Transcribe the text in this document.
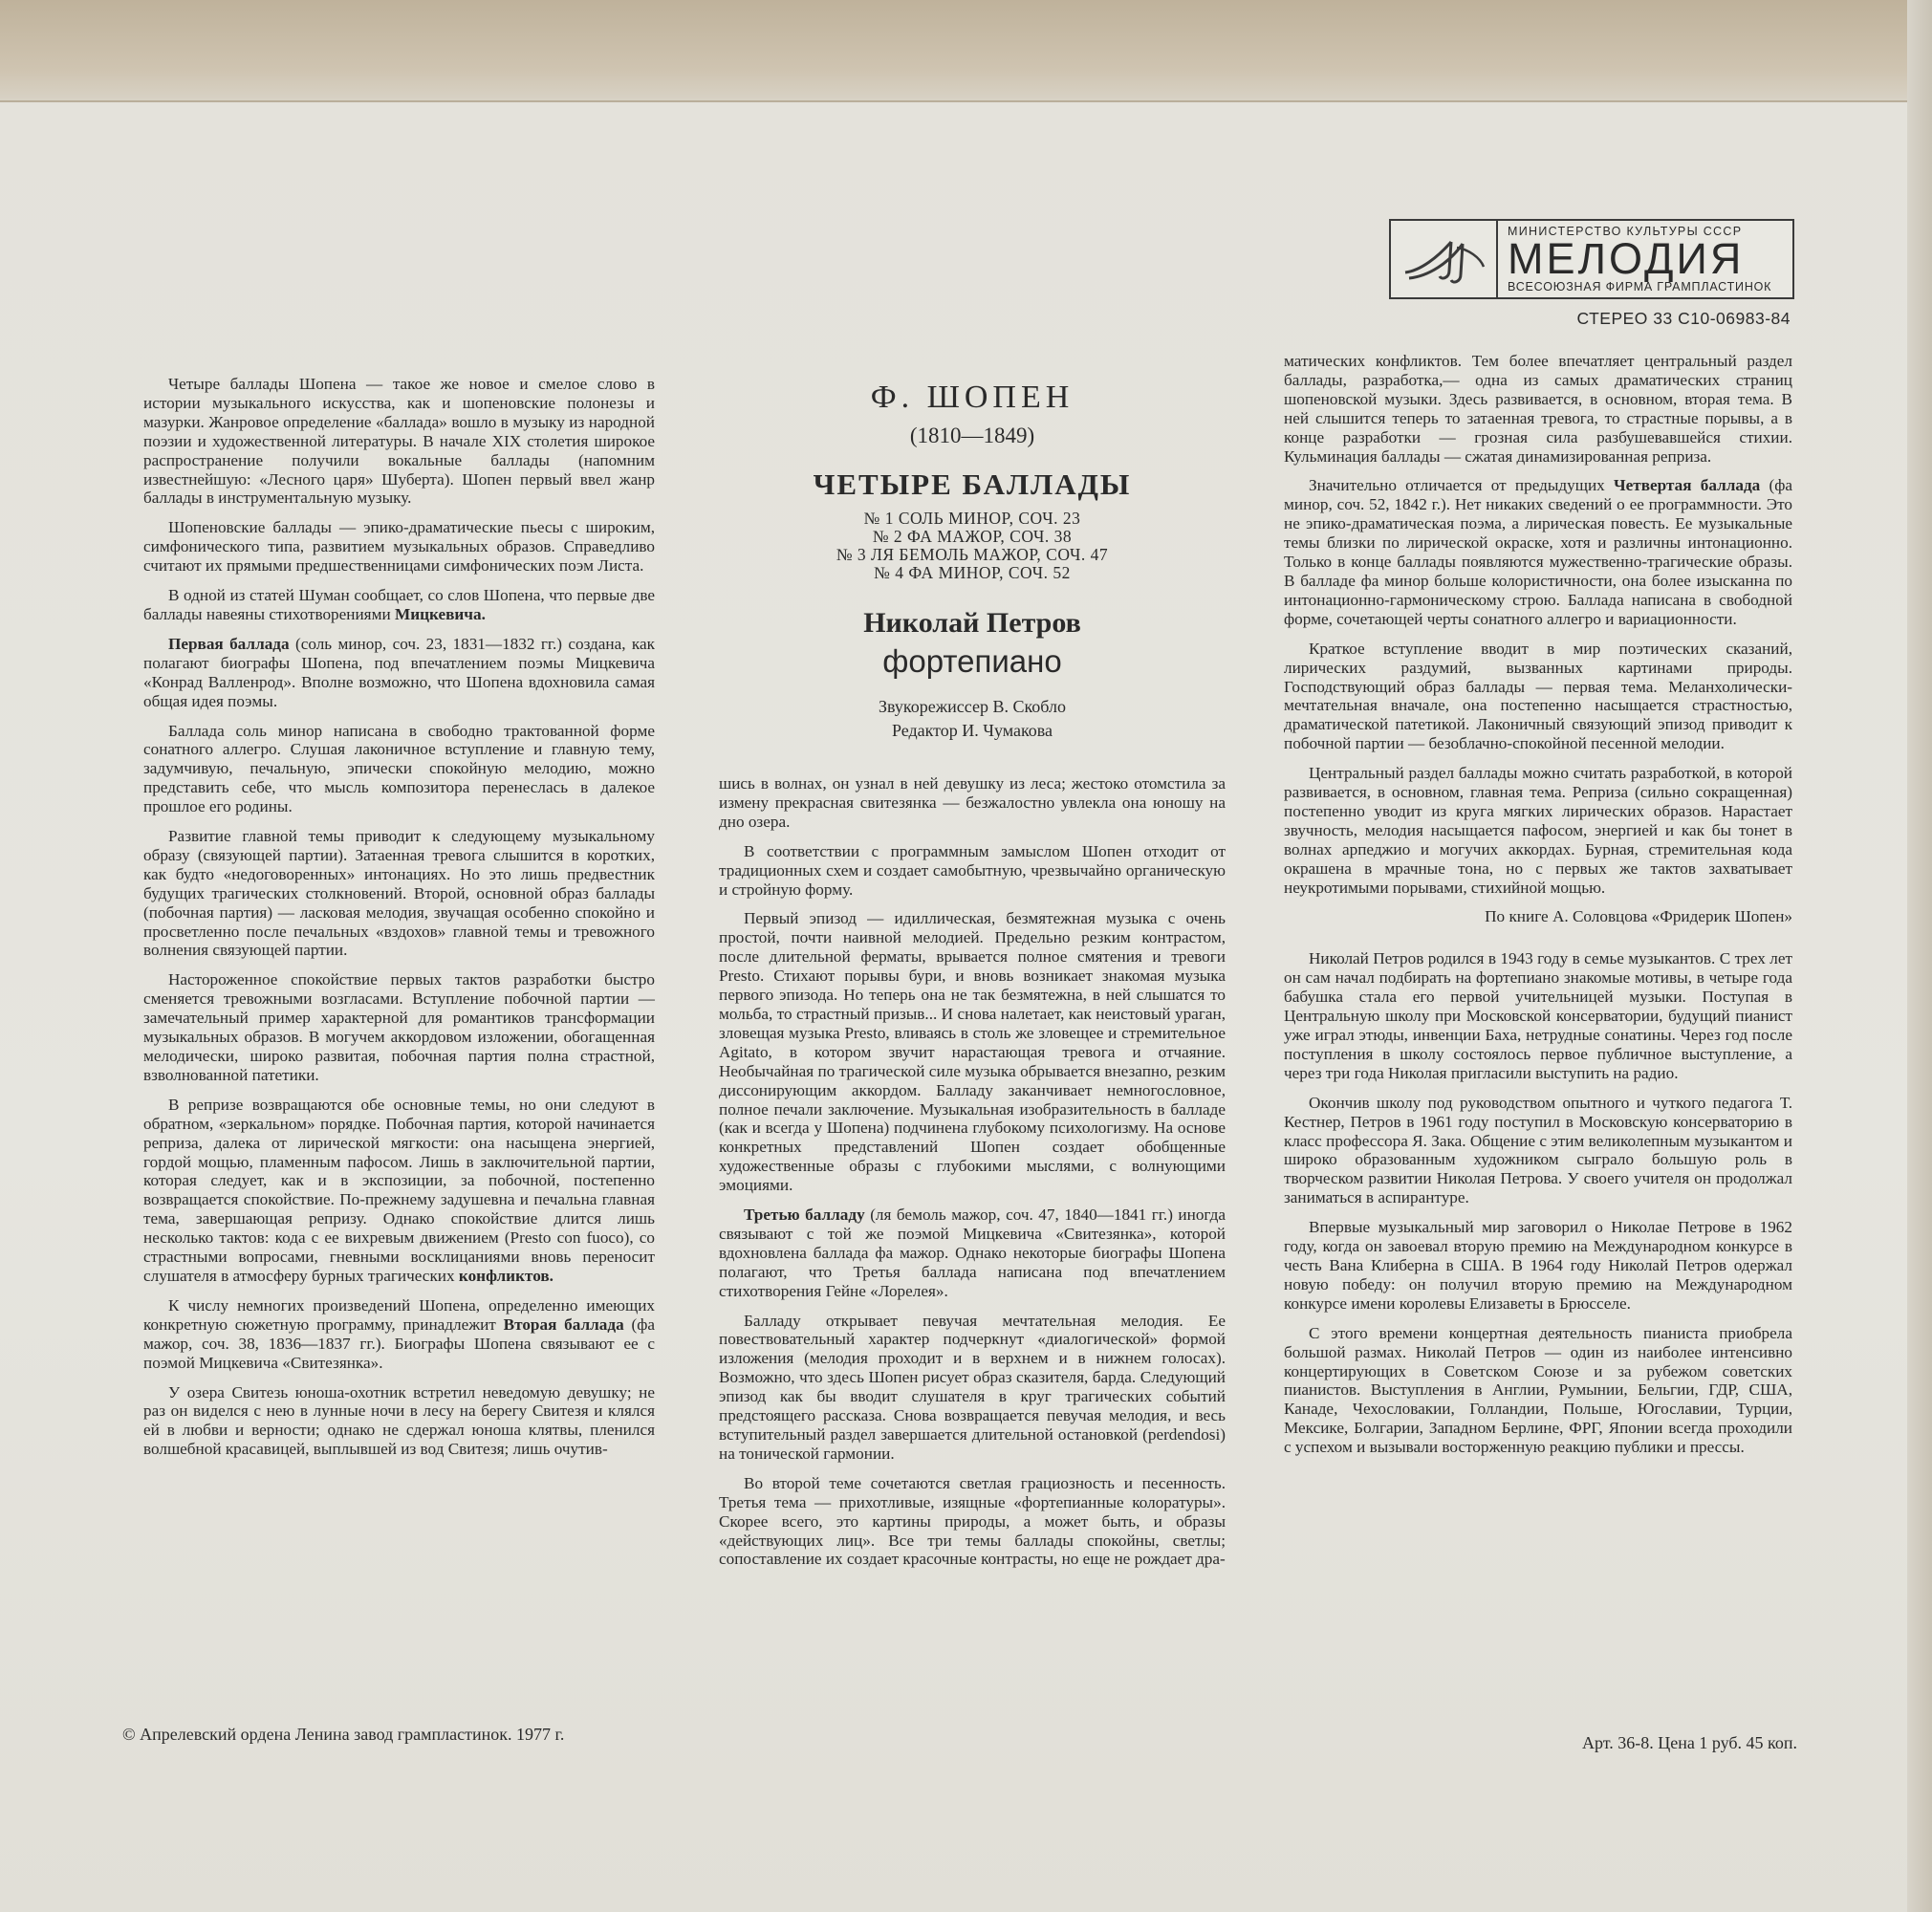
МИНИСТЕРСТВО КУЛЬТУРЫ СССР
МЕЛОДИЯ
ВСЕСОЮЗНАЯ ФИРМА ГРАМПЛАСТИНОК
СТЕРЕО 33 С10-06983-84

Четыре баллады Шопена — такое же новое и смелое слово в истории музыкального искусства, как и шопеновские полонезы и мазурки. Жанровое определение «баллада» вошло в музыку из народной поэзии и художественной литературы. В начале XIX столетия широкое распространение получили вокальные баллады (напомним известнейшую: «Лесного царя» Шуберта). Шопен первый ввел жанр баллады в инструментальную музыку.

Шопеновские баллады — эпико-драматические пьесы с широким, симфонического типа, развитием музыкальных образов. Справедливо считают их прямыми предшественницами симфонических поэм Листа.

В одной из статей Шуман сообщает, со слов Шопена, что первые две баллады навеяны стихотворениями Мицкевича.

Первая баллада (соль минор, соч. 23, 1831—1832 гг.) создана, как полагают биографы Шопена, под впечатлением поэмы Мицкевича «Конрад Валленрод». Вполне возможно, что Шопена вдохновила самая общая идея поэмы.

Баллада соль минор написана в свободно трактованной форме сонатного аллегро. Слушая лаконичное вступление и главную тему, задумчивую, печальную, эпически спокойную мелодию, можно представить себе, что мысль композитора перенеслась в далекое прошлое его родины.

Развитие главной темы приводит к следующему музыкальному образу (связующей партии). Затаенная тревога слышится в коротких, как будто «недоговоренных» интонациях. Но это лишь предвестник будущих трагических столкновений. Второй, основной образ баллады (побочная партия) — ласковая мелодия, звучащая особенно спокойно и просветленно после печальных «вздохов» главной темы и тревожного волнения связующей партии.

Настороженное спокойствие первых тактов разработки быстро сменяется тревожными возгласами. Вступление побочной партии — замечательный пример характерной для романтиков трансформации музыкальных образов. В могучем аккордовом изложении, обогащенная мелодически, широко развитая, побочная партия полна страстной, взволнованной патетики.

В репризе возвращаются обе основные темы, но они следуют в обратном, «зеркальном» порядке. Побочная партия, которой начинается реприза, далека от лирической мягкости: она насыщена энергией, гордой мощью, пламенным пафосом. Лишь в заключительной партии, которая следует, как и в экспозиции, за побочной, постепенно возвращается спокойствие. По-прежнему задушевна и печальна главная тема, завершающая репризу. Однако спокойствие длится лишь несколько тактов: кода с ее вихревым движением (Presto con fuoco), со страстными вопросами, гневными восклицаниями вновь переносит слушателя в атмосферу бурных трагических конфликтов.

К числу немногих произведений Шопена, определенно имеющих конкретную сюжетную программу, принадлежит Вторая баллада (фа мажор, соч. 38, 1836—1837 гг.). Биографы Шопена связывают ее с поэмой Мицкевича «Свитезянка».

У озера Свитезь юноша-охотник встретил неведомую девушку; не раз он виделся с нею в лунные ночи в лесу на берегу Свитезя и клялся ей в любви и верности; однако не сдержал юноша клятвы, пленился волшебной красавицей, выплывшей из вод Свитезя; лишь очутив-

Ф. ШОПЕН
(1810—1849)
ЧЕТЫРЕ БАЛЛАДЫ
№ 1 СОЛЬ МИНОР, СОЧ. 23
№ 2 ФА МАЖОР, СОЧ. 38
№ 3 ЛЯ БЕМОЛЬ МАЖОР, СОЧ. 47
№ 4 ФА МИНОР, СОЧ. 52
Николай Петров
фортепиано
Звукорежиссер В. Скобло
Редактор И. Чумакова

шись в волнах, он узнал в ней девушку из леса; жестоко отомстила за измену прекрасная свитезянка — безжалостно увлекла она юношу на дно озера.

В соответствии с программным замыслом Шопен отходит от традиционных схем и создает самобытную, чрезвычайно органическую и стройную форму.

Первый эпизод — идиллическая, безмятежная музыка с очень простой, почти наивной мелодией. Предельно резким контрастом, после длительной ферматы, врывается полное смятения и тревоги Presto. Стихают порывы бури, и вновь возникает знакомая музыка первого эпизода. Но теперь она не так безмятежна, в ней слышатся то мольба, то страстный призыв... И снова налетает, как неистовый ураган, зловещая музыка Presto, вливаясь в столь же зловещее и стремительное Agitato, в котором звучит нарастающая тревога и отчаяние. Необычайная по трагической силе музыка обрывается внезапно, резким диссонирующим аккордом. Балладу заканчивает немногословное, полное печали заключение. Музыкальная изобразительность в балладе (как и всегда у Шопена) подчинена глубокому психологизму. На основе конкретных представлений Шопен создает обобщенные художественные образы с глубокими мыслями, с волнующими эмоциями.

Третью балладу (ля бемоль мажор, соч. 47, 1840—1841 гг.) иногда связывают с той же поэмой Мицкевича «Свитезянка», которой вдохновлена баллада фа мажор. Однако некоторые биографы Шопена полагают, что Третья баллада написана под впечатлением стихотворения Гейне «Лорелея».

Балладу открывает певучая мечтательная мелодия. Ее повествовательный характер подчеркнут «диалогической» формой изложения (мелодия проходит и в верхнем и в нижнем голосах). Возможно, что здесь Шопен рисует образ сказителя, барда. Следующий эпизод как бы вводит слушателя в круг трагических событий предстоящего рассказа. Снова возвращается певучая мелодия, и весь вступительный раздел завершается длительной остановкой (perdendosi) на тонической гармонии.

Во второй теме сочетаются светлая грациозность и песенность. Третья тема — прихотливые, изящные «фортепианные колоратуры». Скорее всего, это картины природы, а может быть, и образы «действующих лиц». Все три темы баллады спокойны, светлы; сопоставление их создает красочные контрасты, но еще не рождает дра-

матических конфликтов. Тем более впечатляет центральный раздел баллады, разработка,— одна из самых драматических страниц шопеновской музыки. Здесь развивается, в основном, вторая тема. В ней слышится теперь то затаенная тревога, то страстные порывы, а в конце разработки — грозная сила разбушевавшейся стихии. Кульминация баллады — сжатая динамизированная реприза.

Значительно отличается от предыдущих Четвертая баллада (фа минор, соч. 52, 1842 г.). Нет никаких сведений о ее программности. Это не эпико-драматическая поэма, а лирическая повесть. Ее музыкальные темы близки по лирической окраске, хотя и различны интонационно. Только в конце баллады появляются мужественно-трагические образы. В балладе фа минор больше колористичности, она более изысканна по интонационно-гармоническому строю. Баллада написана в свободной форме, сочетающей черты сонатного аллегро и вариационности.

Краткое вступление вводит в мир поэтических сказаний, лирических раздумий, вызванных картинами природы. Господствующий образ баллады — первая тема. Меланхолически-мечтательная вначале, она постепенно насыщается страстностью, драматической патетикой. Лаконичный связующий эпизод приводит к побочной партии — безоблачно-спокойной песенной мелодии.

Центральный раздел баллады можно считать разработкой, в которой развивается, в основном, главная тема. Реприза (сильно сокращенная) постепенно уводит из круга мягких лирических образов. Нарастает звучность, мелодия насыщается пафосом, энергией и как бы тонет в волнах арпеджио и могучих аккордах. Бурная, стремительная кода окрашена в мрачные тона, но с первых же тактов захватывает неукротимыми порывами, стихийной мощью.

По книге А. Соловцова «Фридерик Шопен»

Николай Петров родился в 1943 году в семье музыкантов. С трех лет он сам начал подбирать на фортепиано знакомые мотивы, в четыре года бабушка стала его первой учительницей музыки. Поступая в Центральную школу при Московской консерватории, будущий пианист уже играл этюды, инвенции Баха, нетрудные сонатины. Через год после поступления в школу состоялось первое публичное выступление, а через три года Николая пригласили выступить на радио.

Окончив школу под руководством опытного и чуткого педагога Т. Кестнер, Петров в 1961 году поступил в Московскую консерваторию в класс профессора Я. Зака. Общение с этим великолепным музыкантом и широко образованным художником сыграло большую роль в творческом развитии Николая Петрова. У своего учителя он продолжал заниматься в аспирантуре.

Впервые музыкальный мир заговорил о Николае Петрове в 1962 году, когда он завоевал вторую премию на Международном конкурсе в честь Вана Клиберна в США. В 1964 году Николай Петров одержал новую победу: он получил вторую премию на Международном конкурсе имени королевы Елизаветы в Брюсселе.

С этого времени концертная деятельность пианиста приобрела большой размах. Николай Петров — один из наиболее интенсивно концертирующих в Советском Союзе и за рубежом советских пианистов. Выступления в Англии, Румынии, Бельгии, ГДР, США, Канаде, Чехословакии, Голландии, Польше, Югославии, Турции, Мексике, Болгарии, Западном Берлине, ФРГ, Японии всегда проходили с успехом и вызывали восторженную реакцию публики и прессы.

© Апрелевский ордена Ленина завод грампластинок. 1977 г.	Арт. 36-8. Цена 1 руб. 45 коп.
